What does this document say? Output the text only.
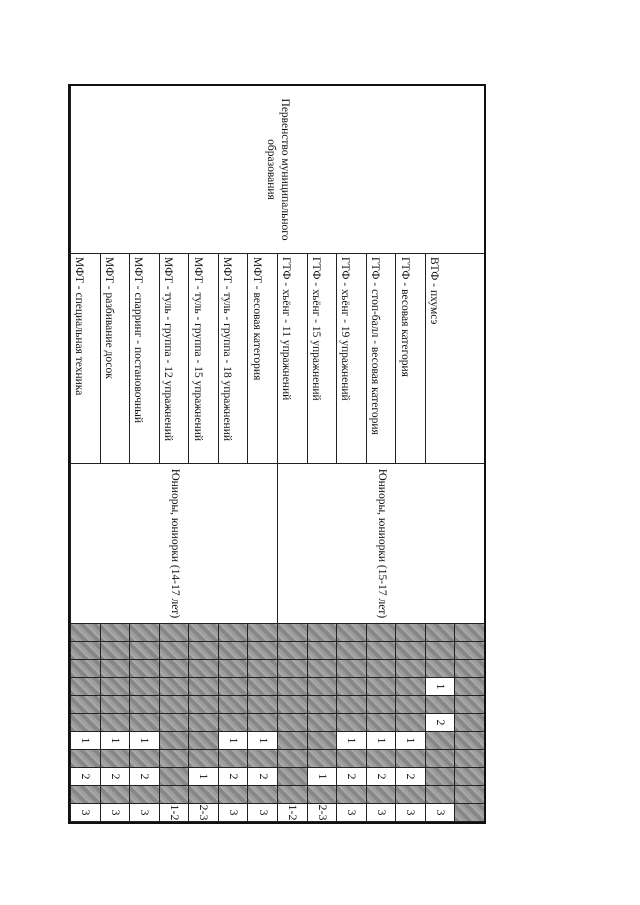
Первенство муниципального образования
ВТФ - пхумсэ
ГТФ - весовая категория
ГТФ - стоп-балл - весовая категория
ГТФ - хъёнг - 19 упражнений
ГТФ - хъёнг - 15 упражнений
ГТФ - хъёнг - 11 упражнений
МФТ - весовая категория
МФТ - туль - группа - 18 упражнений
МФТ - туль - группа - 15 упражнений
МФТ - туль - группа - 12 упражнений
МФТ - спарринг - постановочный
МФТ - разбивание досок
МФТ - специальная техника
Юниоры, юниорки (15-17 лет)
Юниоры, юниорки (14-17 лет)
1
2
3
1
2
3
1
2
3
1
2
3
1
2-3
1-2
1
2
3
1
2
3
1
2-3
1-2
1
2
3
1
2
3
1
2
3
